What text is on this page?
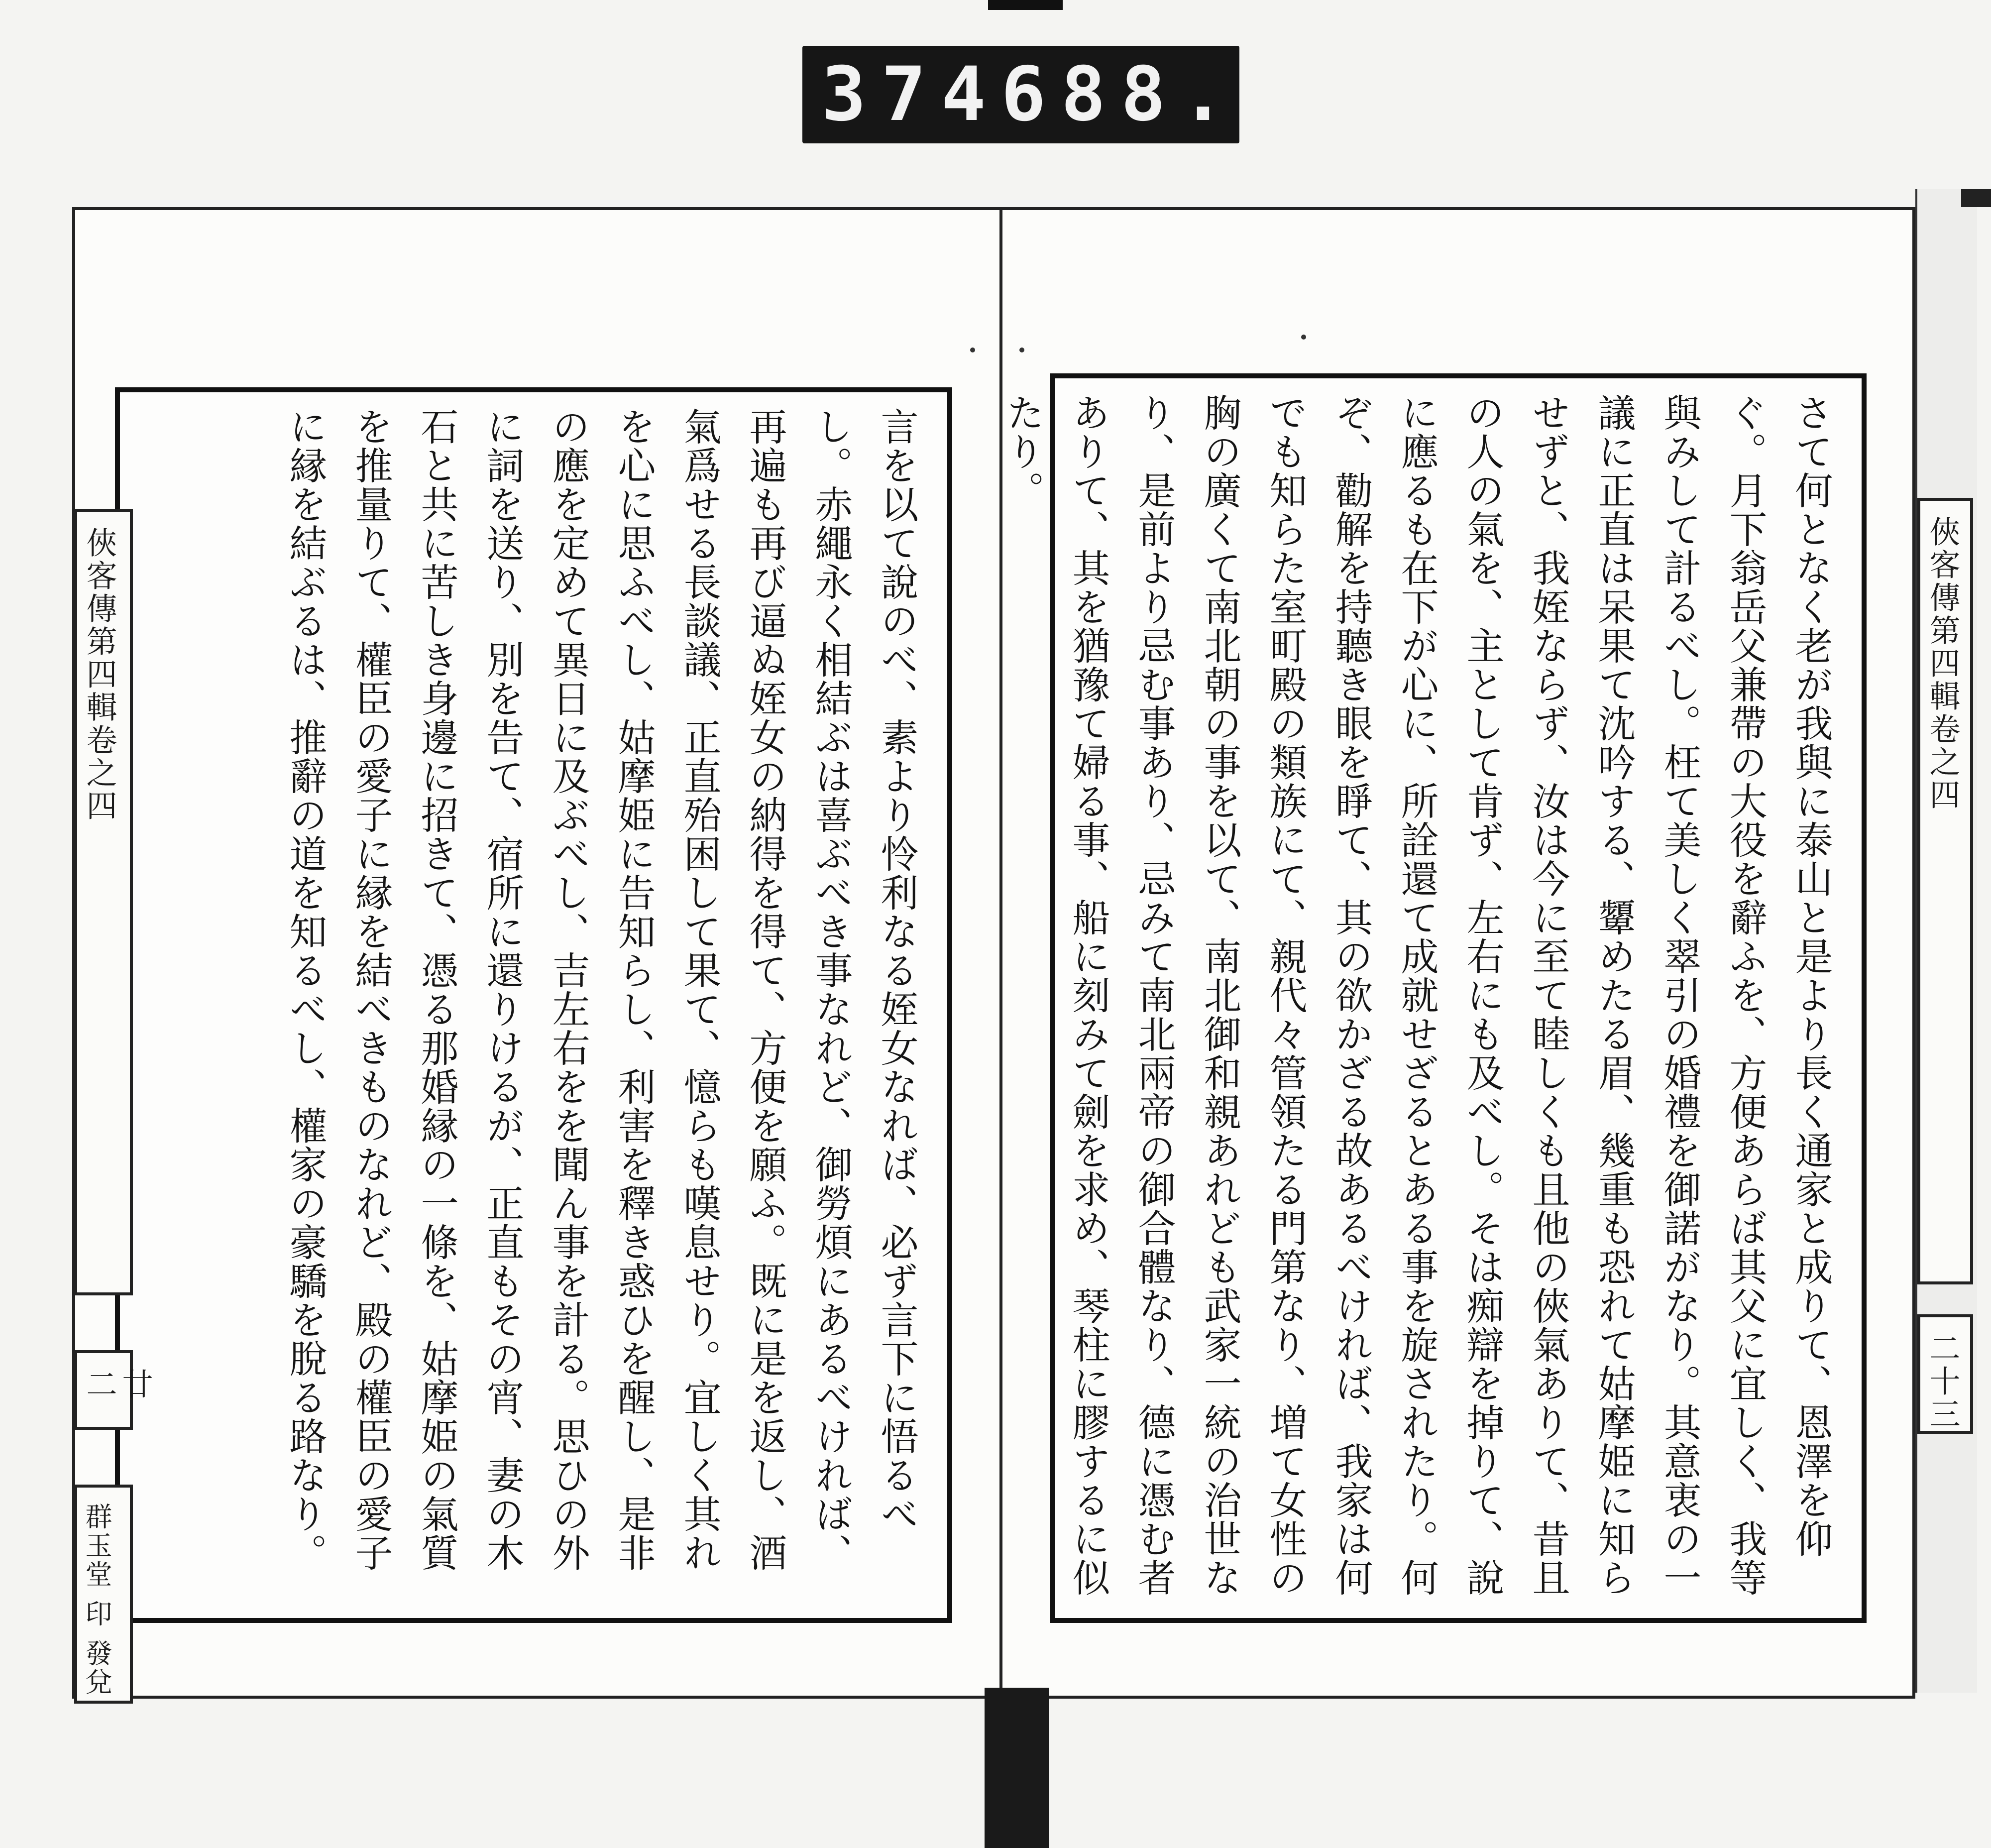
374 688.
言を以て說のべ、素より怜利なる姪女なれば、必ず言下に悟るべし。赤繩永く相結ぶは喜ぶべき事なれど、御勞煩にあるべければ、再遍も再び逼ぬ姪女の納得を得て、方便を願ふ。既に是を返し、酒氣爲せる長談議、正直殆困して果て、憶らも嘆息せり。宜しく其れを心に思ふべし、姑摩姫に告知らし、利害を釋き惑ひを醒し、是非の應を定めて異日に及ぶべし、吉左右をを聞ん事を計る。思ひの外に詞を送り、別を告て、宿所に還りけるが、正直もその宵、妻の木石と共に苦しき身邊に招きて、憑る那婚縁の一條を、姑摩姫の氣質を推量りて、權臣の愛子に縁を結べきものなれど、殿の權臣の愛子に縁を結ぶるは、推辭の道を知るべし、權家の豪驕を脫る路なり。
俠客傳第四輯卷之四
廿二
群玉堂 印 發兌
さて何となく老が我與に泰山と是より長く通家と成りて、恩澤を仰ぐ。月下翁岳父兼帶の大役を辭ふを、方便あらば其父に宜しく、我等與みして計るべし。枉て美しく翠引の婚禮を御諾がなり。其意衷の一議に正直は呆果て沈吟する、顰めたる眉、幾重も恐れて姑摩姫に知らせずと、我姪ならず、汝は今に至て睦しくも且他の俠氣ありて、昔且の人の氣を、主として肯ず、左右にも及べし。そは痴辯を掉りて、說に應るも在下が心に、所詮還て成就せざるとある事を旋されたり。何ぞ、勸解を持聽き眼を睜て、其の欲かざる故あるべければ、我家は何でも知らた室町殿の類族にて、親代々管領たる門第なり、増て女性の胸の廣くて南北朝の事を以て、南北御和親あれども武家一統の治世なり、是前より忌む事あり、忌みて南北兩帝の御合體なり、德に憑む者ありて、其を猶豫て婦る事、船に刻みて劍を求め、琴柱に膠するに似たり。
俠客傳第四輯卷之四
二十三
